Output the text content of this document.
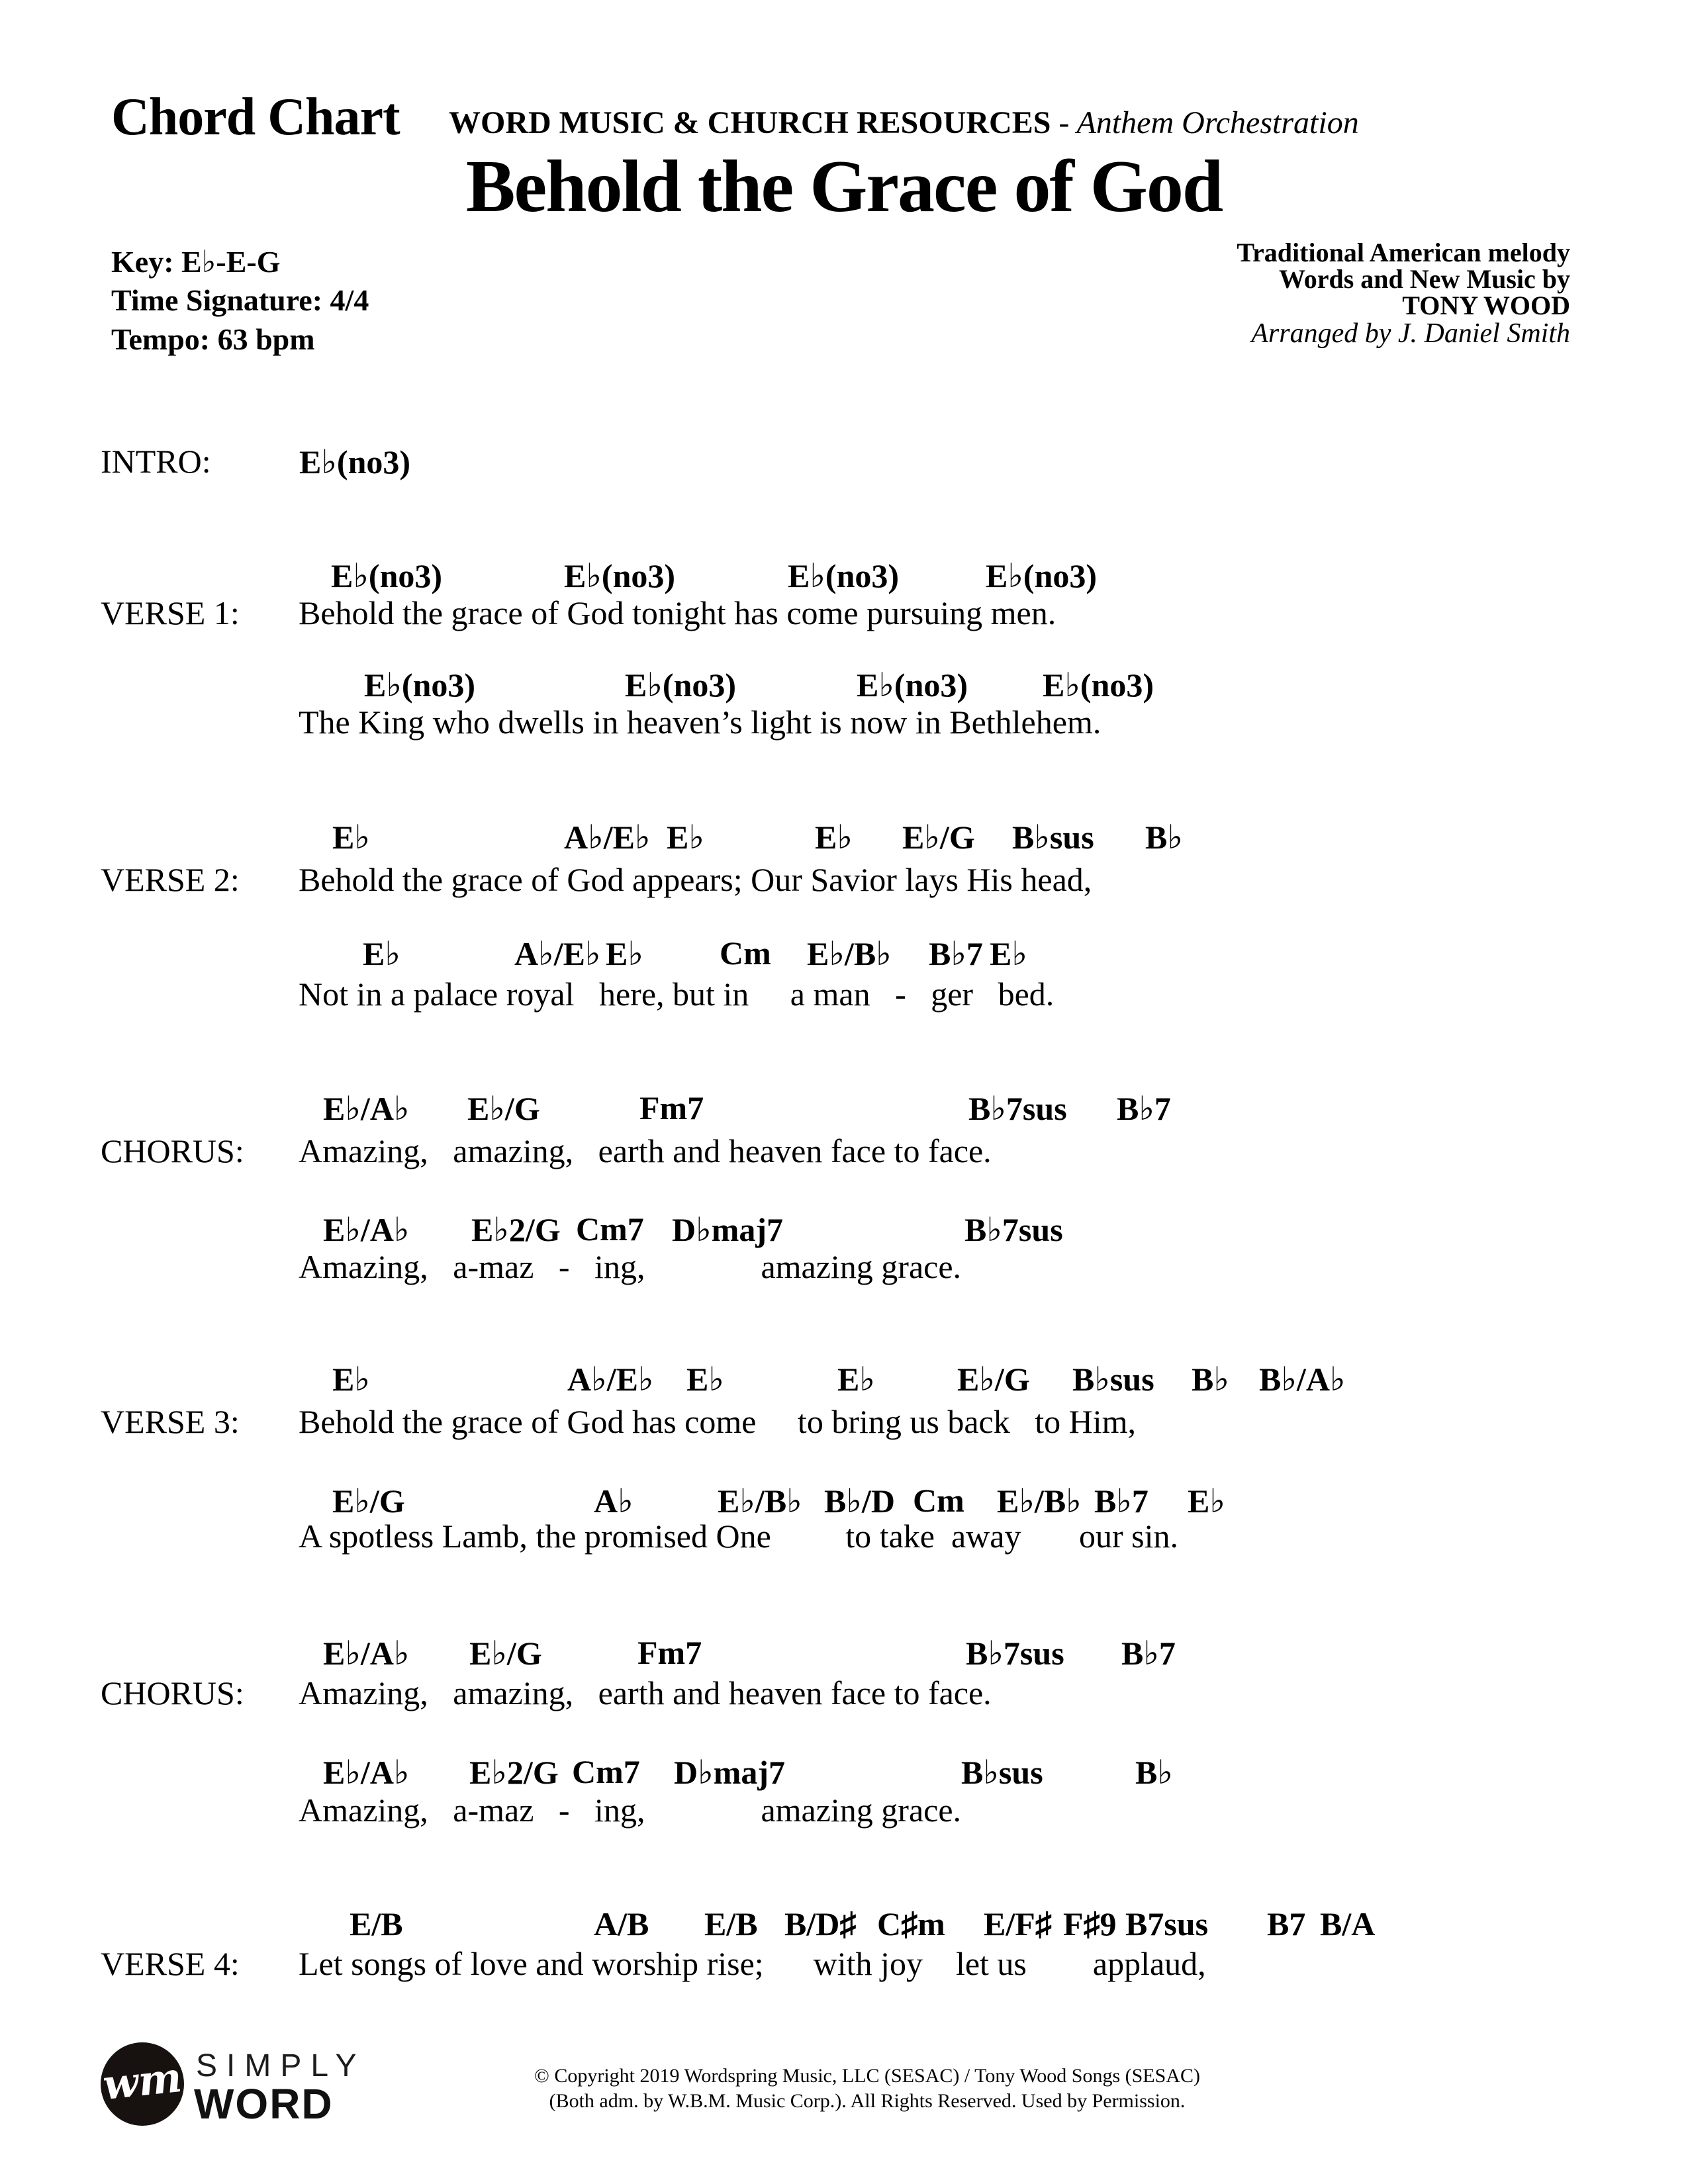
Chord Chart WORD MUSIC & CHURCH RESOURCES - Anthem Orchestration
Behold the Grace of God
Key: E♭-E-G
Time Signature: 4/4
Tempo: 63 bpm
Traditional American melody
Words and New Music by
TONY WOOD
Arranged by J. Daniel Smith
INTRO:	E♭(no3)
E♭(no3)	E♭(no3)	E♭(no3)	E♭(no3)
VERSE 1: Behold the grace of God tonight has come pursuing men.
E♭(no3)	E♭(no3)	E♭(no3) E♭(no3)
The King who dwells in heaven’s light is now in Bethlehem.
E♭	A♭/E♭ E♭	E♭ E♭/G B♭sus B♭
VERSE 2: Behold the grace of God appears; Our Savior lays His head,
E♭	A♭/E♭ E♭ Cm E♭/B♭ B♭7 E♭
Not in a palace royal   here, but in     a man   -   ger   bed.
E♭/A♭ E♭/G	Fm7	B♭7sus B♭7
CHORUS: Amazing,   amazing,   earth and heaven face to face.
E♭/A♭ E♭2/G Cm7 D♭maj7	B♭7sus
Amazing,   a-maz   -   ing,              amazing grace.
E♭	A♭/E♭ E♭	E♭ E♭/G B♭sus B♭ B♭/A♭
VERSE 3: Behold the grace of God has come     to bring us back   to Him,
E♭/G	A♭	E♭/B♭ B♭/D Cm E♭/B♭ B♭7 E♭
A spotless Lamb, the promised One         to take  away       our sin.
E♭/A♭ E♭/G	Fm7	B♭7sus B♭7
CHORUS: Amazing,   amazing,   earth and heaven face to face.
E♭/A♭ E♭2/G Cm7 D♭maj7	B♭sus	B♭
Amazing,   a-maz   -   ing,              amazing grace.
E/B	A/B E/B B/D♯ C♯m E/F♯ F♯9 B7sus B7 B/A
VERSE 4: Let songs of love and worship rise;      with joy    let us        applaud,
wm SIMPLY
WORD
© Copyright 2019 Wordspring Music, LLC (SESAC) / Tony Wood Songs (SESAC)
(Both adm. by W.B.M. Music Corp.). All Rights Reserved. Used by Permission.
